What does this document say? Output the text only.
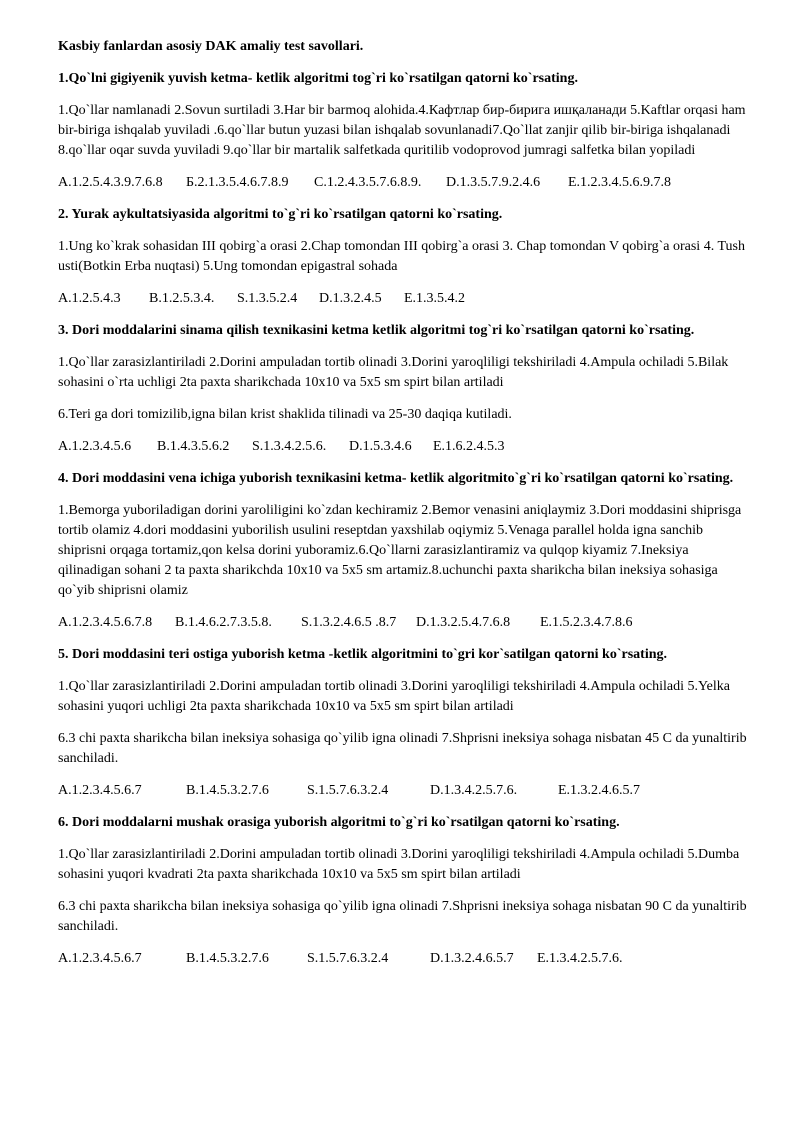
Kasbiy fanlardan asosiy DAK amaliy test savollari.

1.Qo`lni gigiyenik yuvish ketma- ketlik algoritmi tog`ri ko`rsatilgan qatorni ko`rsating.

1.Qo`llar namlanadi 2.Sovun surtiladi 3.Har bir barmoq alohida.4.Кафтлар бир-бирига ишқаланади 5.Kaftlar orqasi ham bir-biriga ishqalab yuviladi .6.qo`llar butun yuzasi bilan ishqalab sovunlanadi7.Qo`llat zanjir qilib bir-biriga ishqalanadi 8.qo`llar oqar suvda yuviladi 9.qo`llar bir martalik salfetkada quritilib vodoprovod jumragi salfetka bilan yopiladi

A.1.2.5.4.3.9.7.6.8	Б.2.1.3.5.4.6.7.8.9	C.1.2.4.3.5.7.6.8.9.	D.1.3.5.7.9.2.4.6	E.1.2.3.4.5.6.9.7.8

2. Yurak aykultatsiyasida algoritmi to`g`ri ko`rsatilgan qatorni ko`rsating.

1.Ung ko`krak sohasidan III qobirg`a orasi 2.Chap tomondan III qobirg`a orasi 3. Chap tomondan V qobirg`a orasi 4. Tush usti(Botkin Erba nuqtasi) 5.Ung tomondan epigastral sohada

A.1.2.5.4.3	B.1.2.5.3.4.	S.1.3.5.2.4	D.1.3.2.4.5	E.1.3.5.4.2

3. Dori moddalarini sinama qilish texnikasini ketma ketlik algoritmi tog`ri ko`rsatilgan qatorni ko`rsating.

1.Qo`llar zarasizlantiriladi 2.Dorini ampuladan tortib olinadi 3.Dorini yaroqliligi tekshiriladi 4.Ampula ochiladi 5.Bilak sohasini o`rta uchligi 2ta paxta sharikchada 10x10 va 5x5 sm spirt bilan artiladi

6.Teri ga dori tomizilib,igna bilan krist shaklida tilinadi va 25-30 daqiqa kutiladi.

A.1.2.3.4.5.6	B.1.4.3.5.6.2	S.1.3.4.2.5.6.	D.1.5.3.4.6	E.1.6.2.4.5.3

4. Dori moddasini vena ichiga yuborish texnikasini ketma- ketlik algoritmito`g`ri ko`rsatilgan qatorni ko`rsating.

1.Bemorga yuboriladigan dorini yaroliligini ko`zdan kechiramiz 2.Bemor venasini aniqlaymiz 3.Dori moddasini shiprisga tortib olamiz 4.dori moddasini yuborilish usulini reseptdan yaxshilab oqiymiz 5.Venaga parallel holda igna sanchib shiprisni orqaga tortamiz,qon kelsa dorini yuboramiz.6.Qo`llarni zarasizlantiramiz va qulqop kiyamiz 7.Ineksiya qilinadigan sohani 2 ta paxta sharikchda 10x10 va 5x5 sm artamiz.8.uchunchi paxta sharikcha bilan ineksiya sohasiga qo`yib shiprisni olamiz

A.1.2.3.4.5.6.7.8	B.1.4.6.2.7.3.5.8.	S.1.3.2.4.6.5 .8.7	D.1.3.2.5.4.7.6.8	E.1.5.2.3.4.7.8.6

5. Dori moddasini teri ostiga yuborish ketma -ketlik algoritmini to`gri kor`satilgan qatorni ko`rsating.

1.Qo`llar zarasizlantiriladi 2.Dorini ampuladan tortib olinadi 3.Dorini yaroqliligi tekshiriladi 4.Ampula ochiladi 5.Yelka sohasini yuqori uchligi 2ta paxta sharikchada 10x10 va 5x5 sm spirt bilan artiladi

6.3 chi paxta sharikcha bilan ineksiya sohasiga qo`yilib igna olinadi 7.Shprisni ineksiya sohaga nisbatan 45 C da yunaltirib sanchiladi.

A.1.2.3.4.5.6.7	B.1.4.5.3.2.7.6	S.1.5.7.6.3.2.4	D.1.3.4.2.5.7.6.	E.1.3.2.4.6.5.7

6. Dori moddalarni mushak orasiga yuborish algoritmi to`g`ri ko`rsatilgan qatorni ko`rsating.

1.Qo`llar zarasizlantiriladi 2.Dorini ampuladan tortib olinadi 3.Dorini yaroqliligi tekshiriladi 4.Ampula ochiladi 5.Dumba sohasini yuqori kvadrati 2ta paxta sharikchada 10x10 va 5x5 sm spirt bilan artiladi

6.3 chi paxta sharikcha bilan ineksiya sohasiga qo`yilib igna olinadi 7.Shprisni ineksiya sohaga nisbatan 90 C da yunaltirib sanchiladi.

A.1.2.3.4.5.6.7	B.1.4.5.3.2.7.6	S.1.5.7.6.3.2.4	D.1.3.2.4.6.5.7	E.1.3.4.2.5.7.6.
